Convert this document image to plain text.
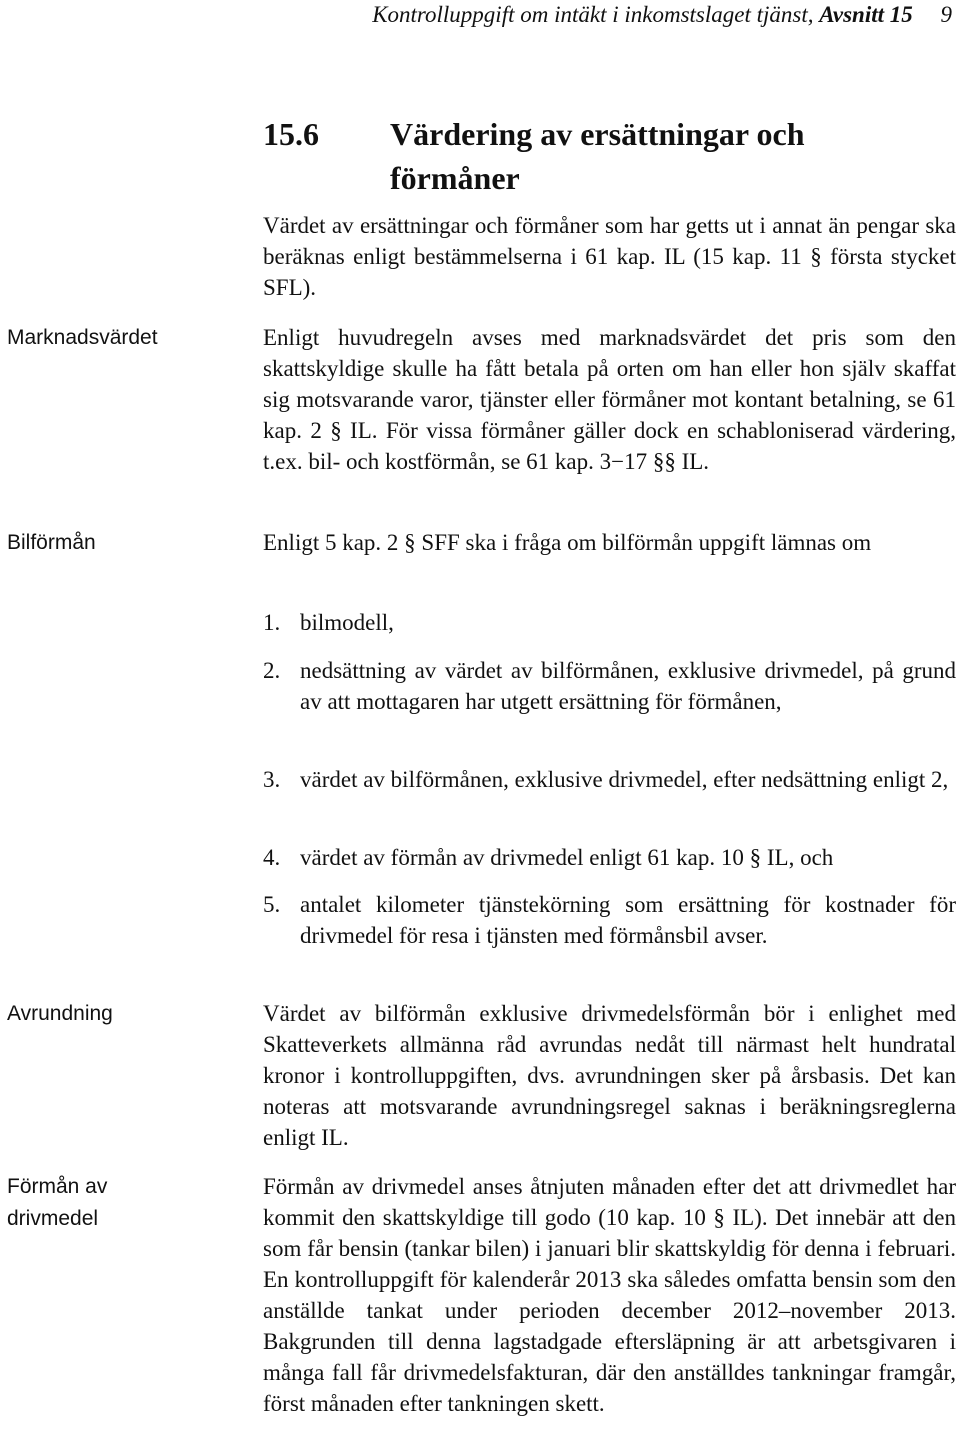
Kontrolluppgift om intäkt i inkomstslaget tjänst, Avsnitt 15 9
15.6 Värdering av ersättningar och
förmåner
Marknadsvärdet
Bilförmån
Avrundning
Förmån av
drivmedel

Värdet av ersättningar och förmåner som har getts ut i annat än pengar ska beräknas enligt bestämmelserna i 61 kap. IL (15 kap. 11 § första stycket SFL).

Enligt huvudregeln avses med marknadsvärdet det pris som den skattskyldige skulle ha fått betala på orten om han eller hon själv skaffat sig motsvarande varor, tjänster eller förmåner mot kontant betalning, se 61 kap. 2 § IL. För vissa förmåner gäller dock en schabloniserad värdering, t.ex. bil- och kostförmån, se 61 kap. 3−17 §§ IL.

Enligt 5 kap. 2 § SFF ska i fråga om bilförmån uppgift lämnas om

1. bilmodell,
2. nedsättning av värdet av bilförmånen, exklusive drivmedel, på grund av att mottagaren har utgett ersättning för förmånen,
3. värdet av bilförmånen, exklusive drivmedel, efter nedsättning enligt 2,
4. värdet av förmån av drivmedel enligt 61 kap. 10 § IL, och
5. antalet kilometer tjänstekörning som ersättning för kostnader för drivmedel för resa i tjänsten med förmånsbil avser.

Värdet av bilförmån exklusive drivmedelsförmån bör i enlighet med Skatteverkets allmänna råd avrundas nedåt till närmast helt hundratal kronor i kontrolluppgiften, dvs. avrundningen sker på årsbasis. Det kan noteras att motsvarande avrundningsregel saknas i beräkningsreglerna enligt IL.

Förmån av drivmedel anses åtnjuten månaden efter det att drivmedlet har kommit den skattskyldige till godo (10 kap. 10 § IL). Det innebär att den som får bensin (tankar bilen) i januari blir skattskyldig för denna i februari. En kontrolluppgift för kalenderår 2013 ska således omfatta bensin som den anställde tankat under perioden december 2012–november 2013. Bakgrunden till denna lagstadgade eftersläpning är att arbetsgivaren i många fall får drivmedelsfakturan, där den anställdes tankningar framgår, först månaden efter tankningen skett.
